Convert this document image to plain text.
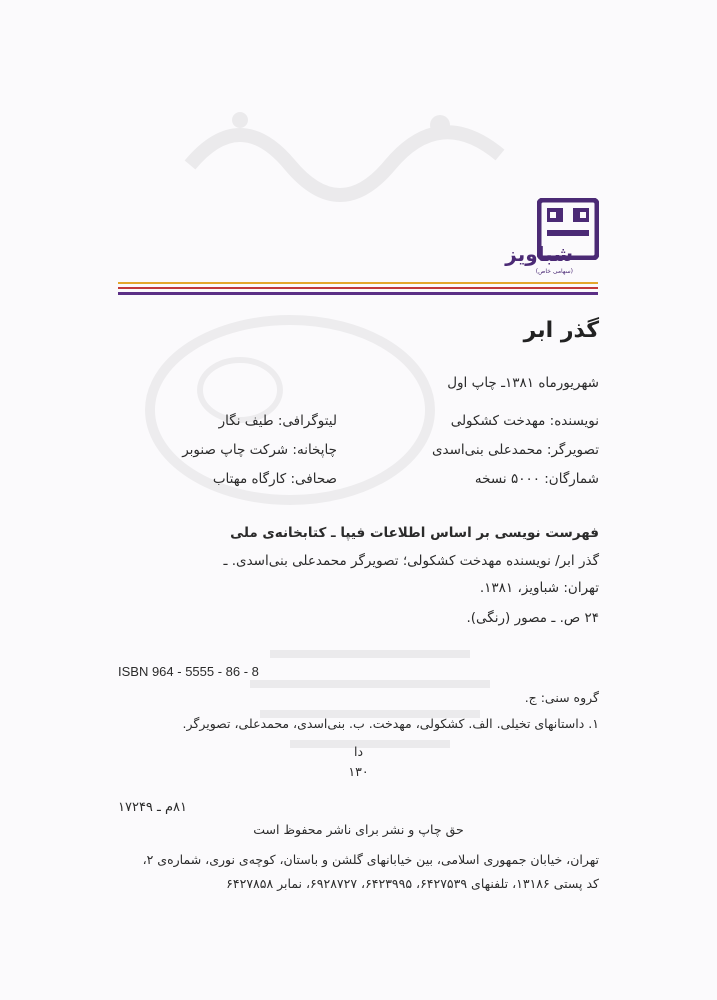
شباویز
(سهامی خاص)
گذر ابر
شهریورماه ۱۳۸۱ـ چاپ اول
نویسنده: مهدخت کشکولی
تصویرگر: محمدعلی بنی‌اسدی
شمارگان: ۵۰۰۰ نسخه
لیتوگرافی: طیف نگار
چاپخانه: شرکت چاپ صنوبر
صحافی: کارگاه مهتاب
فهرست نویسی بر اساس اطلاعات فیپا ـ کتابخانه‌ی ملی
گذر ابر/ نویسنده مهدخت کشکولی؛ تصویرگر محمدعلی بنی‌اسدی. ـ
تهران: شباویز، ۱۳۸۱.
۲۴ ص. ـ مصور (رنگی).
ISBN 964 - 5555 - 86 - 8
گروه سنی: ج.
۱. داستانهای تخیلی. الف. کشکولی، مهدخت. ب. بنی‌اسدی، محمدعلی، تصویرگر.
دا
۱۳۰
۸۱م ـ ۱۷۲۴۹
حق چاپ و نشر برای ناشر محفوظ است
تهران، خیابان جمهوری اسلامی، بین خیابانهای گلشن و باستان، کوچه‌ی نوری، شماره‌ی ۲،
کد پستی ۱۳۱۸۶، تلفنهای ۶۴۲۷۵۳۹، ۶۴۲۳۹۹۵، ۶۹۲۸۷۲۷، نمابر ۶۴۲۷۸۵۸
